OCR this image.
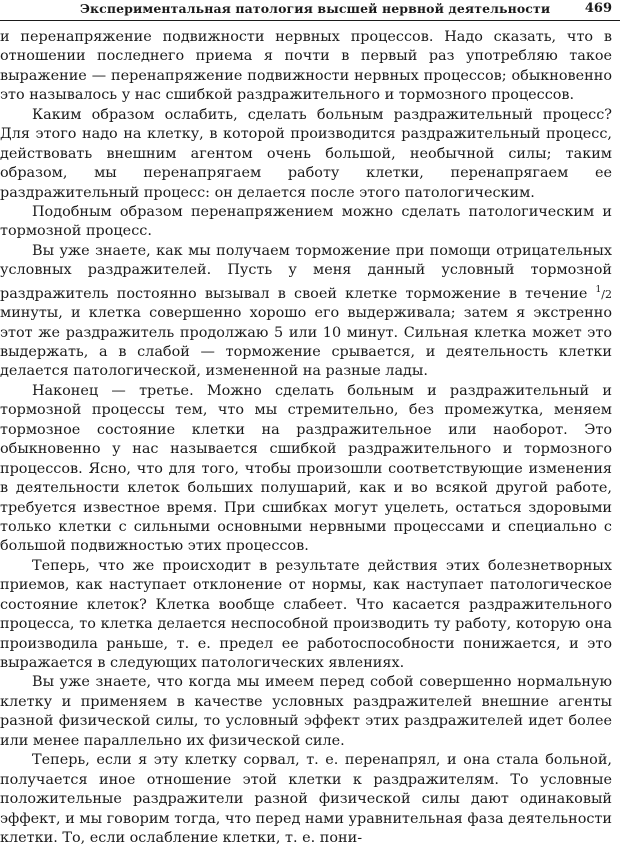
Экспериментальная патология высшей нервной деятельности	469

и перенапряжение подвижности нервных процессов. Надо сказать, что в отношении последнего приема я почти в первый раз употребляю такое выражение — перенапряжение подвижности нервных процессов; обыкновенно это называлось у нас сшибкой раздражительного и тормозного процессов.

Каким образом ослабить, сделать больным раздражительный процесс? Для этого надо на клетку, в которой производится раздражительный процесс, действовать внешним агентом очень большой, необычной силы; таким образом, мы перенапрягаем работу клетки, перенапрягаем ее раздражительный процесс: он делается после этого патологическим.

Подобным образом перенапряжением можно сделать патологическим и тормозной процесс.

Вы уже знаете, как мы получаем торможение при помощи отрицательных условных раздражителей. Пусть у меня данный условный тормозной раздражитель постоянно вызывал в своей клетке торможение в течение $^1$/2 минуты, и клетка совершенно хорошо его выдерживала; затем я экстренно этот же раздражитель продолжаю 5 или 10 минут. Сильная клетка может это выдержать, а в слабой — торможение срывается, и деятельность клетки делается патологической, измененной на разные лады.

Наконец — третье. Можно сделать больным и раздражительный и тормозной процессы тем, что мы стремительно, без промежутка, меняем тормозное состояние клетки на раздражительное или наоборот. Это обыкновенно у нас называется сшибкой раздражительного и тормозного процессов. Ясно, что для того, чтобы произошли соответствующие изменения в деятельности клеток больших полушарий, как и во всякой другой работе, требуется известное время. При сшибках могут уцелеть, остаться здоровыми только клетки с сильными основными нервными процессами и специально с большой подвижностью этих процессов.

Теперь, что же происходит в результате действия этих болезнетворных приемов, как наступает отклонение от нормы, как наступает патологическое состояние клеток? Клетка вообще слабеет. Что касается раздражительного процесса, то клетка делается неспособной производить ту работу, которую она производила раньше, т. е. предел ее работоспособности понижается, и это выражается в следующих патологических явлениях.

Вы уже знаете, что когда мы имеем перед собой совершенно нормальную клетку и применяем в качестве условных раздражителей внешние агенты разной физической силы, то условный эффект этих раздражителей идет более или менее параллельно их физической силе.

Теперь, если я эту клетку сорвал, т. е. перенапрял, и она стала больной, получается иное отношение этой клетки к раздражителям. То условные положительные раздражители разной физической силы дают одинаковый эффект, и мы говорим тогда, что перед нами уравнительная фаза деятельности клетки. То, если ослабление клетки, т. е. пони-
